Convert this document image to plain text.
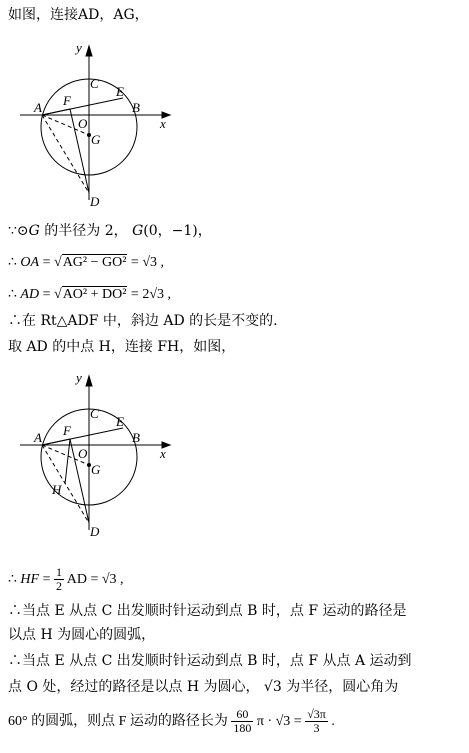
如图，连接AD，AG，
y
x
C
E
A F	B
O
G
D
∵⊙G 的半径为 2， G(0，−1)，
∴ OA = √AG² − GO² = √3 ,
∴ AD = √AO² + DO² = 2√3 ,
∴在 Rt△ADF 中，斜边 AD 的长是不变的.
取 AD 的中点 H，连接 FH，如图，
y
x
C
E
A F	B
O
G
H
D
∴ HF = $\frac{1}{2}$ AD = √3 ,
∴当点 E 从点 C 出发顺时针运动到点 B 时，点 F 运动的路径是
以点 H 为圆心的圆弧，
∴当点 E 从点 C 出发顺时针运动到点 B 时，点 F 从点 A 运动到
点 O 处，经过的路径是以点 H 为圆心， √3 为半径，圆心角为
60° 的圆弧，则点 F 运动的路径长为 $\frac{60}{180}$ $\pi \cdot √3 = \frac{√3\pi}{3}$ .
